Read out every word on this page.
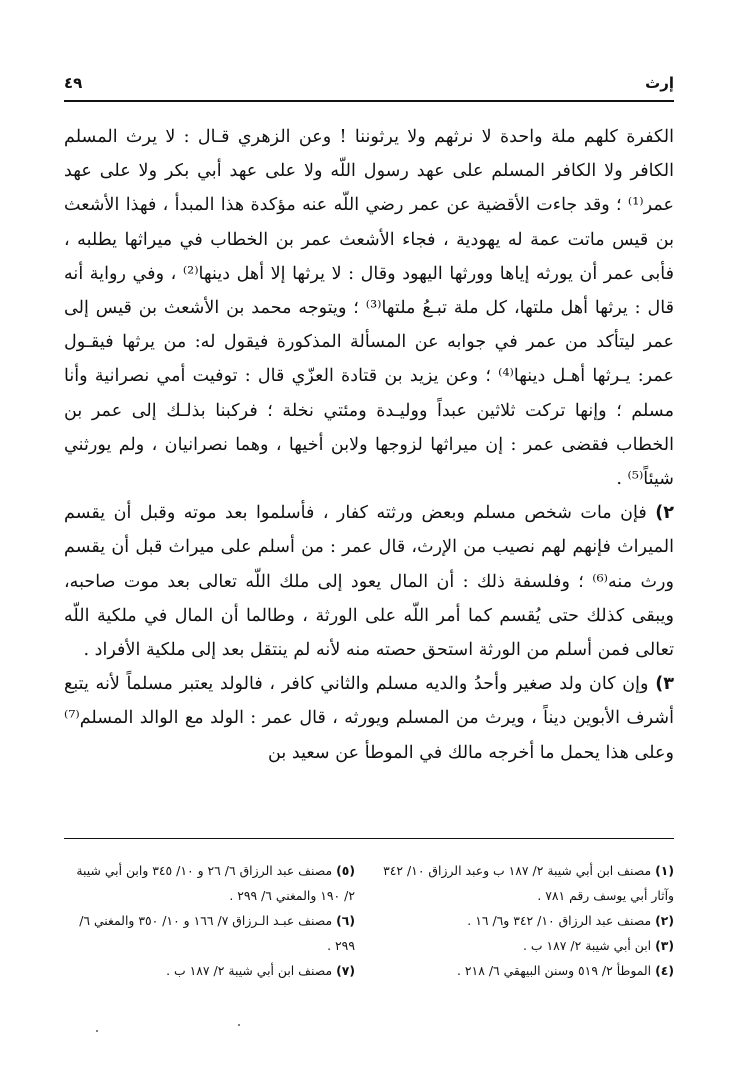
إرث
٤٩

الكفرة كلهم ملة واحدة لا نرثهم ولا يرثوننا ! وعن الزهري قـال : لا يرث المسلم الكافر ولا الكافر المسلم على عهد رسول اللّه ولا على عهد أبي بكر ولا على عهد عمر⁽¹⁾ ؛ وقد جاءت الأقضية عن عمر رضي اللّه عنه مؤكدة هذا المبدأ ، فهذا الأشعث بن قيس ماتت عمة له يهودية ، فجاء الأشعث عمر بن الخطاب في ميراثها يطلبه ، فأبى عمر أن يورثه إياها وورثها اليهود وقال : لا يرثها إلا أهل دينها⁽²⁾ ، وفي رواية أنه قال : يرثها أهل ملتها، كل ملة تبـعُ ملتها⁽³⁾ ؛ ويتوجه محمد بن الأشعث بن قيس إلى عمر ليتأكد من عمر في جوابه عن المسألة المذكورة فيقول له: من يرثها فيقـول عمر: يـرثها أهـل دينها⁽⁴⁾ ؛ وعن يزيد بن قتادة العزّي قال : توفيت أمي نصرانية وأنا مسلم ؛ وإنها تركت ثلاثين عبداً ووليـدة ومئتي نخلة ؛ فركبنا بذلـك إلى عمر بن الخطاب فقضى عمر : إن ميراثها لزوجها ولابن أخيها ، وهما نصرانيان ، ولم يورثني شيئاً⁽⁵⁾ .

٢) فإن مات شخص مسلم وبعض ورثته كفار ، فأسلموا بعد موته وقبل أن يقسم الميراث فإنهم لهم نصيب من الإرث، قال عمر : من أسلم على ميراث قبل أن يقسم ورث منه⁽⁶⁾ ؛ وفلسفة ذلك : أن المال يعود إلى ملك اللّه تعالى بعد موت صاحبه، ويبقى كذلك حتى يُقسم كما أمر اللّه على الورثة ، وطالما أن المال في ملكية اللّه تعالى فمن أسلم من الورثة استحق حصته منه لأنه لم ينتقل بعد إلى ملكية الأفراد .

٣) وإن كان ولد صغير وأحدُ والديه مسلم والثاني كافر ، فالولد يعتبر مسلماً لأنه يتبع أشرف الأبوين ديناً ، ويرث من المسلم ويورثه ، قال عمر : الولد مع الوالد المسلم⁽⁷⁾ وعلى هذا يحمل ما أخرجه مالك في الموطأ عن سعيد بن

(١) مصنف ابن أبي شيبة ٢/ ١٨٧ ب وعبد الرزاق ١٠/ ٣٤٢ وآثار أبي يوسف رقم ٧٨١ .

(٢) مصنف عبد الرزاق ١٠/ ٣٤٢ و٦/ ١٦ .

(٣) ابن أبي شيبة ٢/ ١٨٧ ب .

(٤) الموطأ ٢/ ٥١٩ وسنن البيهقي ٦/ ٢١٨ .

(٥) مصنف عبد الرزاق ٦/ ٢٦ و ١٠/ ٣٤٥ وابن أبي شيبة ٢/ ١٩٠ والمغني ٦/ ٢٩٩ .

(٦) مصنف عبـد الـرزاق ٧/ ١٦٦ و ١٠/ ٣٥٠ والمغني ٦/ ٢٩٩ .

(٧) مصنف ابن أبي شيبة ٢/ ١٨٧ ب .
